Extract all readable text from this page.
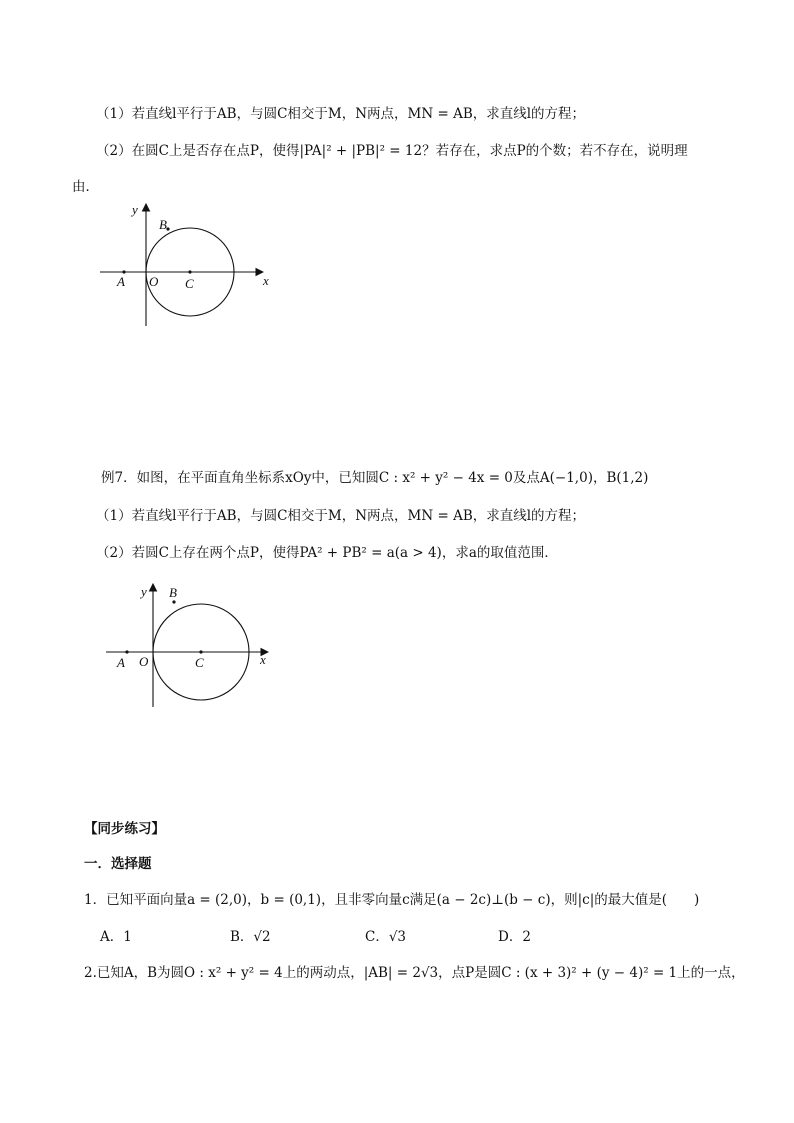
（1）若直线l平行于AB，与圆C相交于M，N两点，MN = AB，求直线l的方程；
（2）在圆C上是否存在点P，使得|PA|² + |PB|² = 12？若存在，求点P的个数；若不存在，说明理
由．
y
x
B
A O C
例7．如图，在平面直角坐标系xOy中，已知圆C : x² + y² − 4x = 0及点A(−1,0)，B(1,2)
（1）若直线l平行于AB，与圆C相交于M，N两点，MN = AB，求直线l的方程；
（2）若圆C上存在两个点P，使得PA² + PB² = a(a > 4)，求a的取值范围．
y
x
B
A O	C
【同步练习】
一．选择题
1．已知平面向量a = (2,0)，b = (0,1)，且非零向量c满足(a − 2c)⊥(b − c)，则|c|的最大值是(　　)
A．1	B．√2	C．√3	D．2
2.已知A，B为圆O : x² + y² = 4上的两动点，|AB| = 2√3，点P是圆C : (x + 3)² + (y − 4)² = 1上的一点，
